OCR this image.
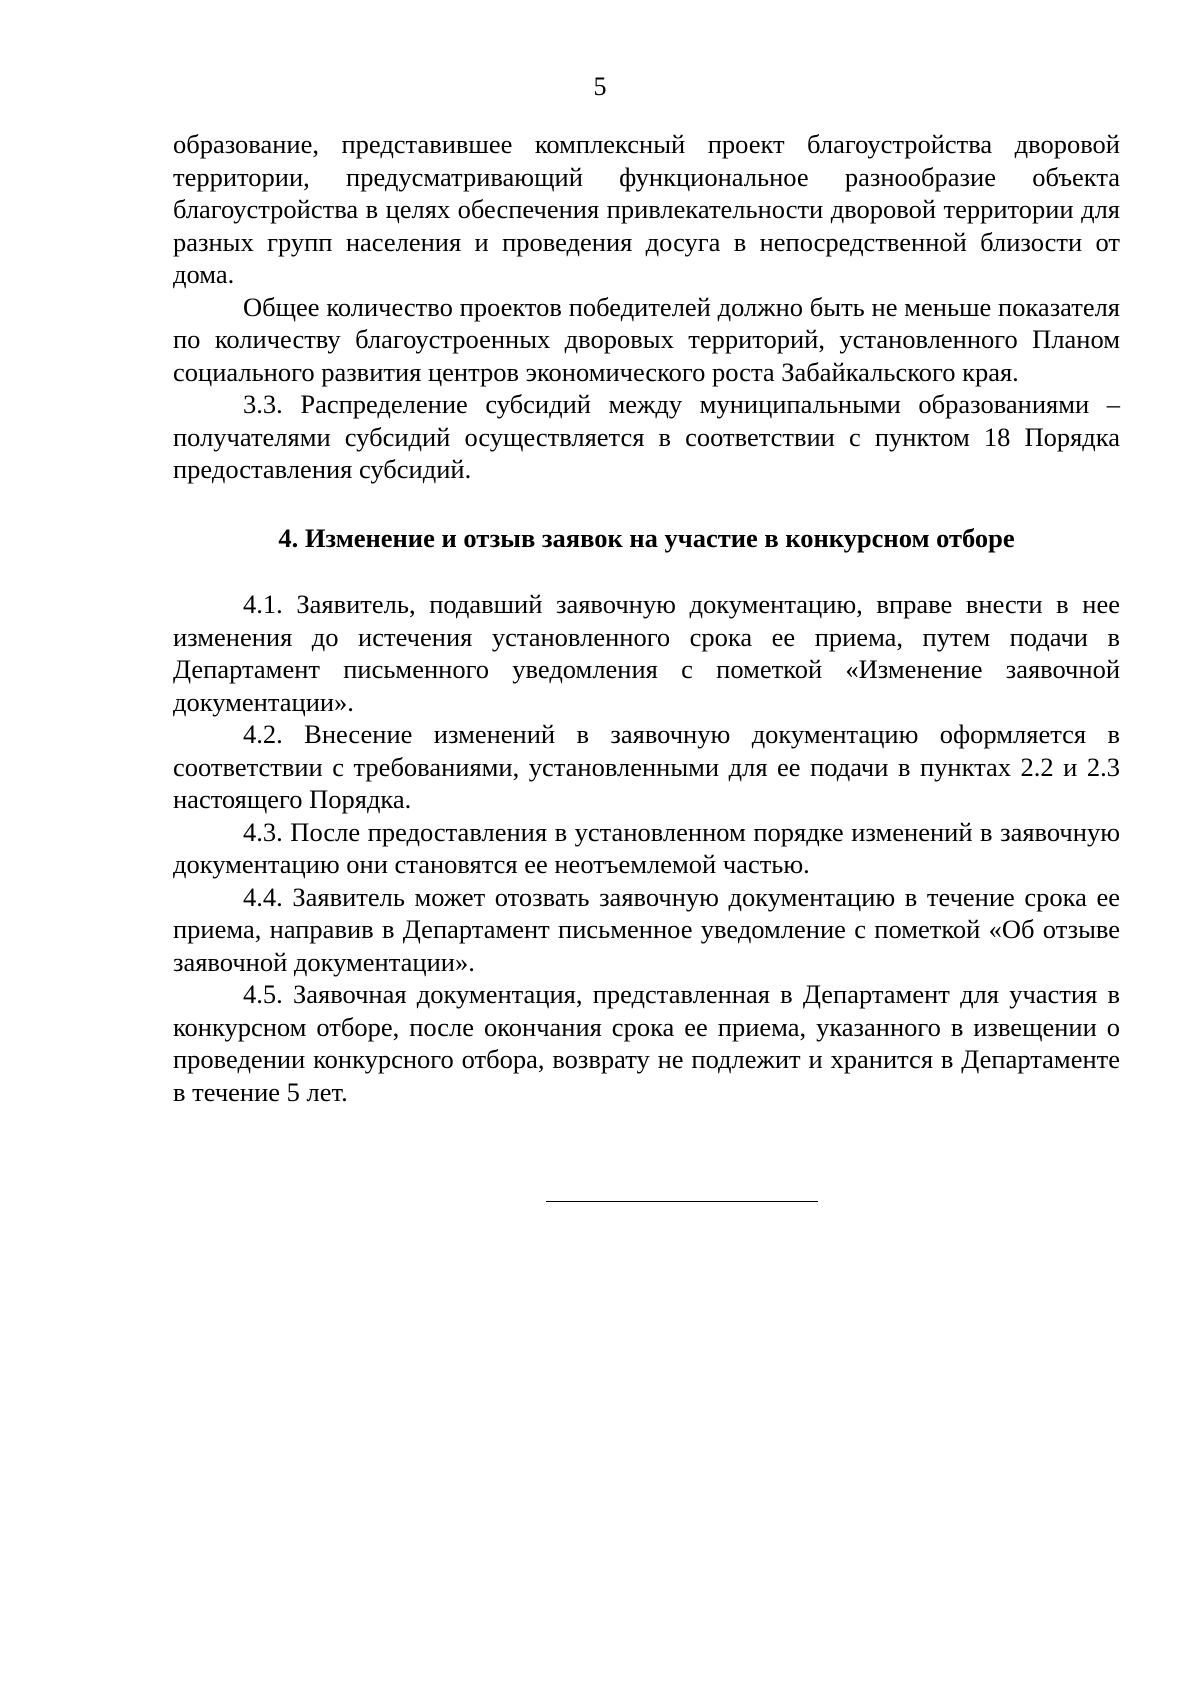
5

образование, представившее комплексный проект благоустройства дворовой территории, предусматривающий функциональное разнообразие объекта благоустройства в целях обеспечения привлекательности дворовой территории для разных групп населения и проведения досуга в непосредственной близости от дома.

Общее количество проектов победителей должно быть не меньше показателя по количеству благоустроенных дворовых территорий, установленного Планом социального развития центров экономического роста Забайкальского края.

3.3. Распределение субсидий между муниципальными образованиями – получателями субсидий осуществляется в соответствии с пунктом 18 Порядка предоставления субсидий.

4. Изменение и отзыв заявок на участие в конкурсном отборе

4.1. Заявитель, подавший заявочную документацию, вправе внести в нее изменения до истечения установленного срока ее приема, путем подачи в Департамент письменного уведомления с пометкой «Изменение заявочной документации».

4.2. Внесение изменений в заявочную документацию оформляется в соответствии с требованиями, установленными для ее подачи в пунктах 2.2 и 2.3 настоящего Порядка.

4.3. После предоставления в установленном порядке изменений в заявочную документацию они становятся ее неотъемлемой частью.

4.4. Заявитель может отозвать заявочную документацию в течение срока ее приема, направив в Департамент письменное уведомление с пометкой «Об отзыве заявочной документации».

4.5. Заявочная документация, представленная в Департамент для участия в конкурсном отборе, после окончания срока ее приема, указанного в извещении о проведении конкурсного отбора, возврату не подлежит и хранится в Департаменте в течение 5 лет.
